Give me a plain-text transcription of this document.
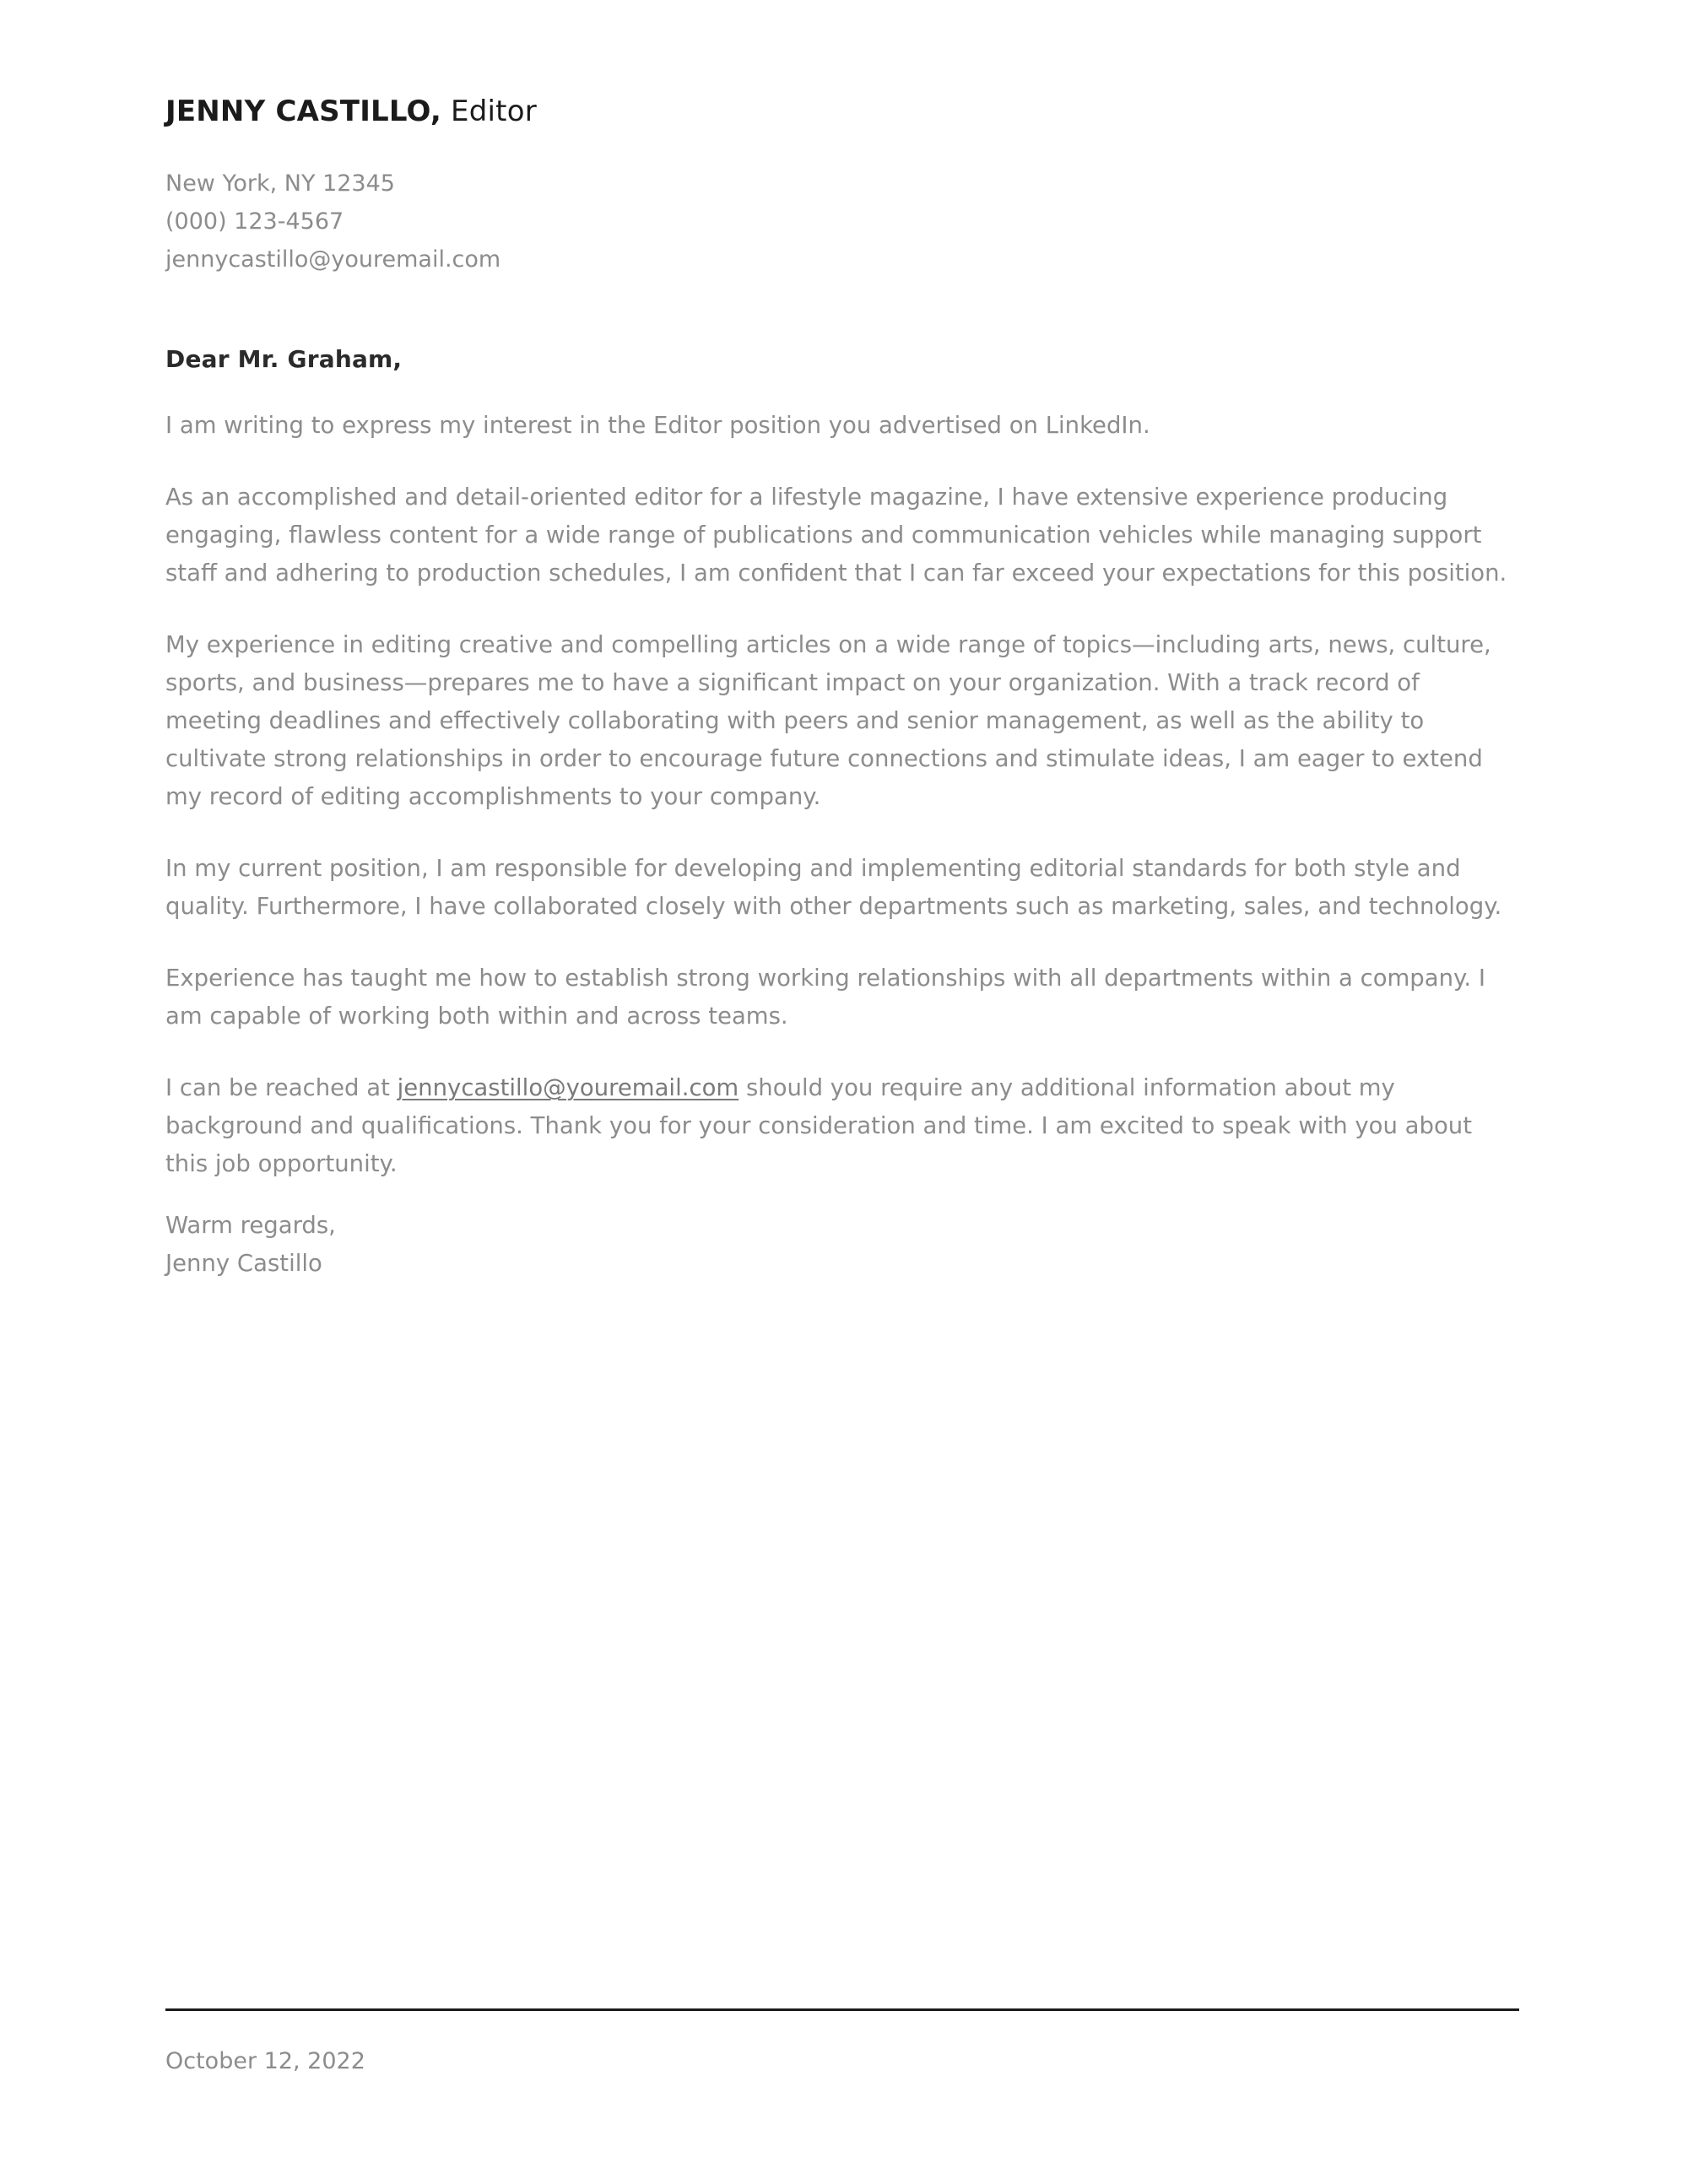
JENNY CASTILLO, Editor
New York, NY 12345
(000) 123-4567
jennycastillo@youremail.com
Dear Mr. Graham,

I am writing to express my interest in the Editor position you advertised on LinkedIn.

As an accomplished and detail-oriented editor for a lifestyle magazine, I have extensive experience producing engaging, flawless content for a wide range of publications and communication vehicles while managing support staff and adhering to production schedules, I am confident that I can far exceed your expectations for this position.

My experience in editing creative and compelling articles on a wide range of topics—including arts, news, culture, sports, and business—prepares me to have a significant impact on your organization. With a track record of meeting deadlines and effectively collaborating with peers and senior management, as well as the ability to cultivate strong relationships in order to encourage future connections and stimulate ideas, I am eager to extend my record of editing accomplishments to your company.

In my current position, I am responsible for developing and implementing editorial standards for both style and quality. Furthermore, I have collaborated closely with other departments such as marketing, sales, and technology.

Experience has taught me how to establish strong working relationships with all departments within a company. I am capable of working both within and across teams.

I can be reached at jennycastillo@youremail.com should you require any additional information about my background and qualifications. Thank you for your consideration and time. I am excited to speak with you about this job opportunity.

Warm regards,
Jenny Castillo
October 12, 2022
